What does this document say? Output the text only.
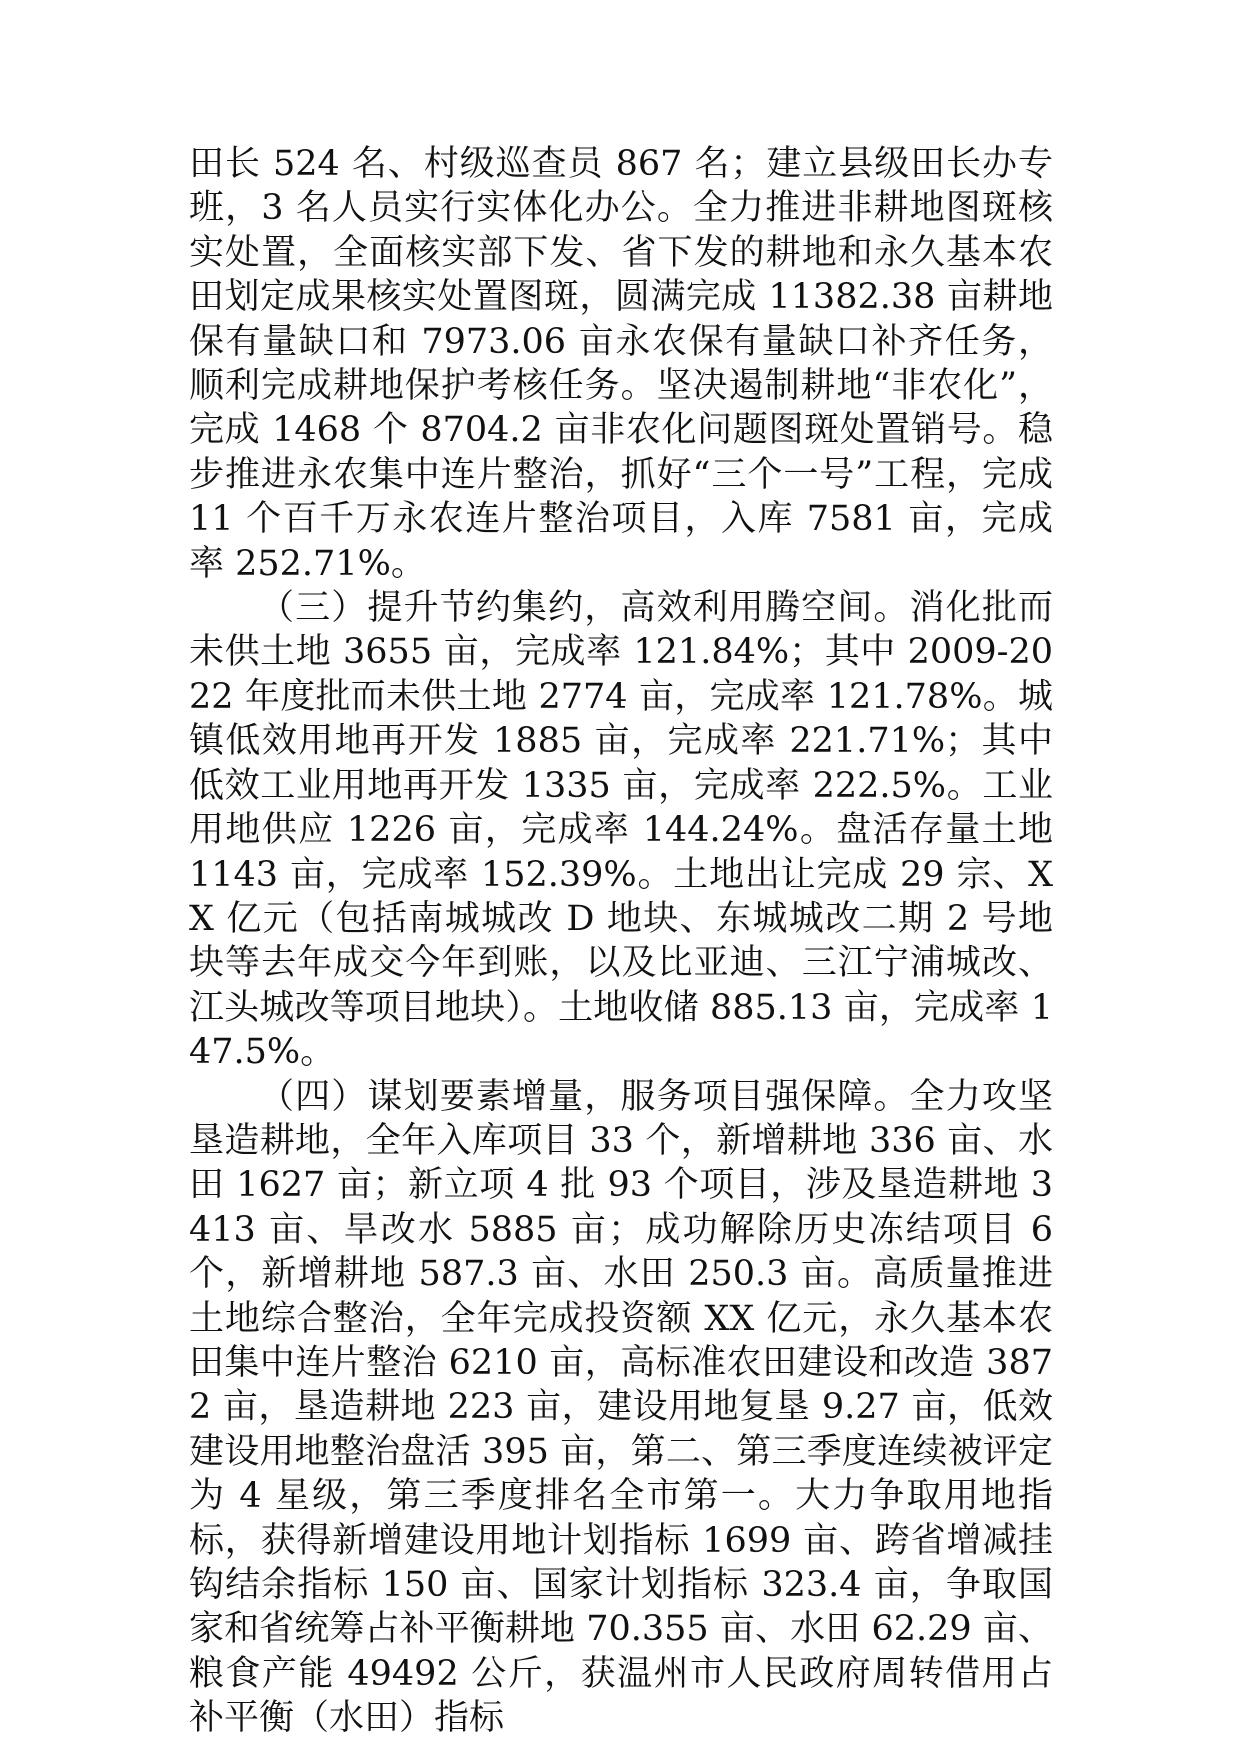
田长 524 名、村级巡查员 867 名；建立县级田长办专班，3 名人员实行实体化办公。全力推进非耕地图斑核实处置，全面核实部下发、省下发的耕地和永久基本农田划定成果核实处置图斑，圆满完成 11382.38 亩耕地保有量缺口和 7973.06 亩永农保有量缺口补齐任务，顺利完成耕地保护考核任务。坚决遏制耕地“非农化”，完成 1468 个 8704.2 亩非农化问题图斑处置销号。稳步推进永农集中连片整治，抓好“三个一号”工程，完成 11 个百千万永农连片整治项目，入库 7581 亩，完成率 252.71%。

（三）提升节约集约，高效利用腾空间。消化批而未供土地 3655 亩，完成率 121.84%；其中 2009-2022 年度批而未供土地 2774 亩，完成率 121.78%。城镇低效用地再开发 1885 亩，完成率 221.71%；其中低效工业用地再开发 1335 亩，完成率 222.5%。工业用地供应 1226 亩，完成率 144.24%。盘活存量土地 1143 亩，完成率 152.39%。土地出让完成 29 宗、XX 亿元（包括南城城改 D 地块、东城城改二期 2 号地块等去年成交今年到账，以及比亚迪、三江宁浦城改、江头城改等项目地块）。土地收储 885.13 亩，完成率 147.5%。

（四）谋划要素增量，服务项目强保障。全力攻坚垦造耕地，全年入库项目 33 个，新增耕地 336 亩、水田 1627 亩；新立项 4 批 93 个项目，涉及垦造耕地 3413 亩、旱改水 5885 亩；成功解除历史冻结项目 6 个，新增耕地 587.3 亩、水田 250.3 亩。高质量推进土地综合整治，全年完成投资额 XX 亿元，永久基本农田集中连片整治 6210 亩，高标准农田建设和改造 3872 亩，垦造耕地 223 亩，建设用地复垦 9.27 亩，低效建设用地整治盘活 395 亩，第二、第三季度连续被评定为 4 星级，第三季度排名全市第一。大力争取用地指标，获得新增建设用地计划指标 1699 亩、跨省增减挂钩结余指标 150 亩、国家计划指标 323.4 亩，争取国家和省统筹占补平衡耕地 70.355 亩、水田 62.29 亩、粮食产能 49492 公斤，获温州市人民政府周转借用占补平衡（水田）指标
